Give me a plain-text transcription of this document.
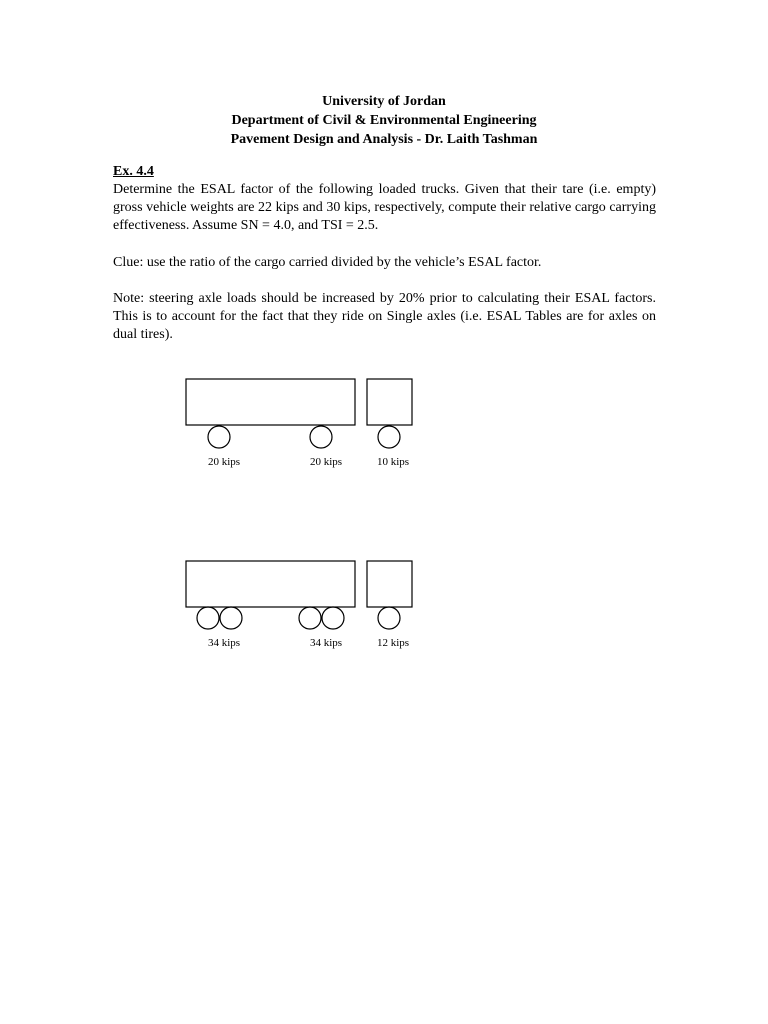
University of Jordan
Department of Civil & Environmental Engineering
Pavement Design and Analysis - Dr. Laith Tashman
Ex. 4.4
Determine the ESAL factor of the following loaded trucks. Given that their tare (i.e. empty) gross vehicle weights are 22 kips and 30 kips, respectively, compute their relative cargo carrying effectiveness. Assume SN = 4.0, and TSI = 2.5.
Clue: use the ratio of the cargo carried divided by the vehicle’s ESAL factor.
Note: steering axle loads should be increased by 20% prior to calculating their ESAL factors. This is to account for the fact that they ride on Single axles (i.e. ESAL Tables are for axles on dual tires).
20 kips	20 kips	10 kips
34 kips	34 kips	12 kips
